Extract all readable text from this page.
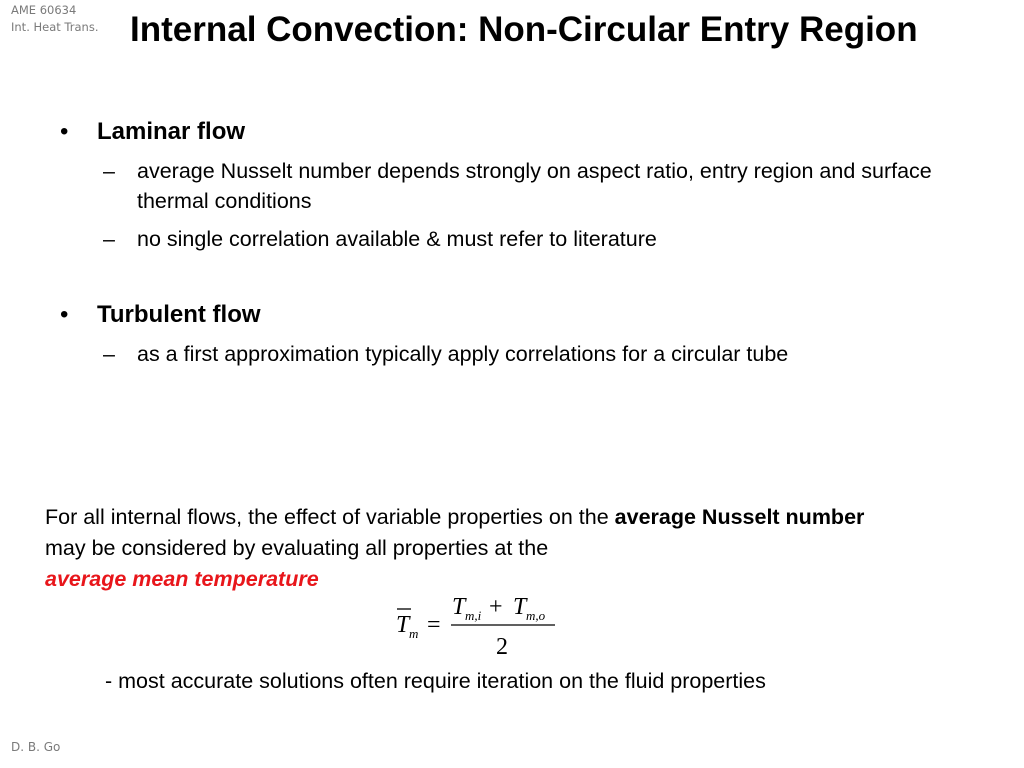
AME 60634
Int. Heat Trans. Internal Convection: Non-Circular Entry Region
• Laminar flow
– average Nusselt number depends strongly on aspect ratio, entry region and surface thermal conditions
– no single correlation available & must refer to literature
• Turbulent flow
– as a first approximation typically apply correlations for a circular tube
For all internal flows, the effect of variable properties on the average Nusselt number may be considered by evaluating all properties at the
average mean temperature
T m =
T m,i + T m,o
2
- most accurate solutions often require iteration on the fluid properties
D. B. Go
